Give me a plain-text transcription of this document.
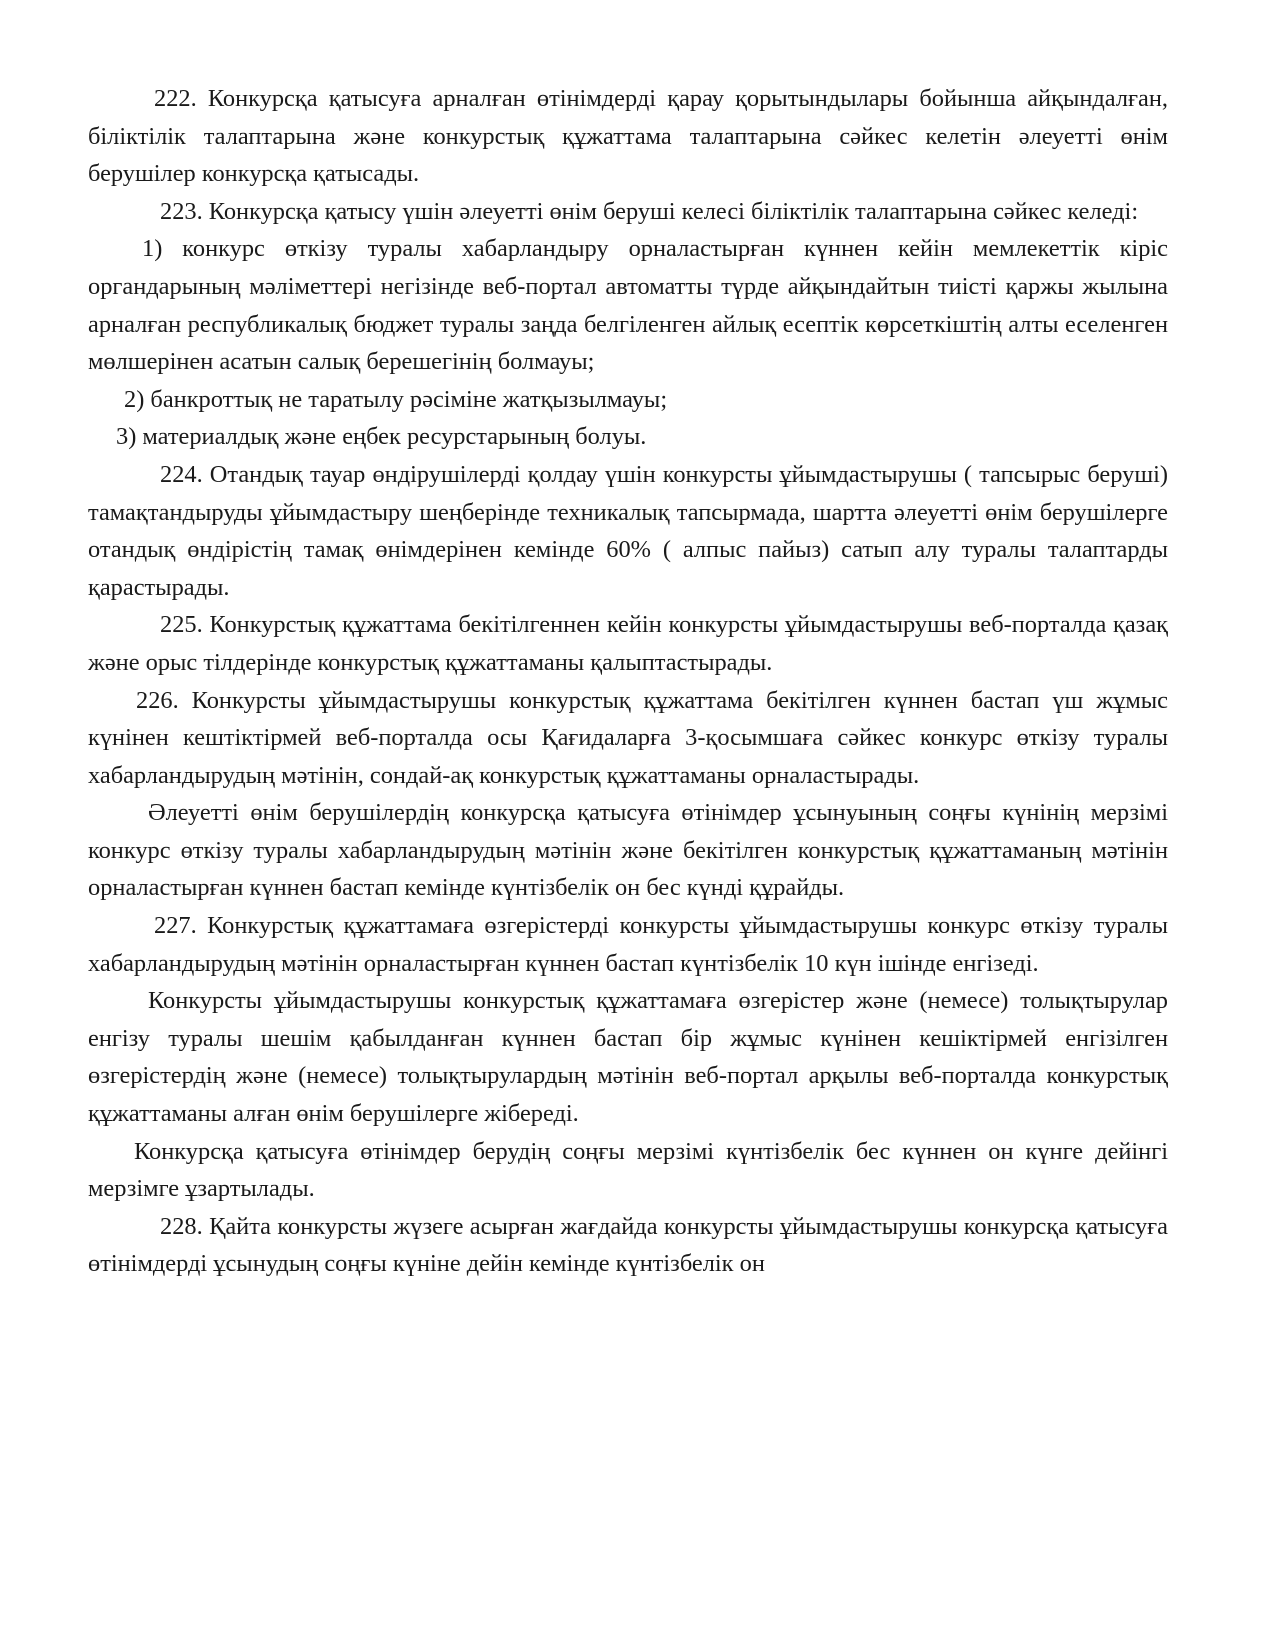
222. Конкурсқа қатысуға арналған өтінімдерді қарау қорытындылары бойынша айқындалған, біліктілік талаптарына және конкурстық құжаттама талаптарына сәйкес келетін әлеуетті өнім берушілер конкурсқа қатысады.

223. Конкурсқа қатысу үшін әлеуетті өнім беруші келесі біліктілік талаптарына сәйкес келеді:

1) конкурс өткізу туралы хабарландыру орналастырған күннен кейін мемлекеттік кіріс органдарының мәліметтері негізінде веб-портал автоматты түрде айқындайтын тиісті қаржы жылына арналған республикалық бюджет туралы заңда белгіленген айлық есептік көрсеткіштің алты еселенген мөлшерінен асатын салық берешегінің болмауы;

2) банкроттық не таратылу рәсіміне жатқызылмауы;

3) материалдық және еңбек ресурстарының болуы.

224. Отандық тауар өндірушілерді қолдау үшін конкурсты ұйымдастырушы ( тапсырыс беруші) тамақтандыруды ұйымдастыру шеңберінде техникалық тапсырмада, шартта әлеуетті өнім берушілерге отандық өндірістің тамақ өнімдерінен кемінде 60% ( алпыс пайыз) сатып алу туралы талаптарды қарастырады.

225. Конкурстық құжаттама бекітілгеннен кейін конкурсты ұйымдастырушы веб-порталда қазақ және орыс тілдерінде конкурстық құжаттаманы қалыптастырады.

226. Конкурсты ұйымдастырушы конкурстық құжаттама бекітілген күннен бастап үш жұмыс күнінен кештіктірмей веб-порталда осы Қағидаларға 3-қосымшаға сәйкес конкурс өткізу туралы хабарландырудың мәтінін, сондай-ақ конкурстық құжаттаманы орналастырады.

Әлеуетті өнім берушілердің конкурсқа қатысуға өтінімдер ұсынуының соңғы күнінің мерзімі конкурс өткізу туралы хабарландырудың мәтінін және бекітілген конкурстық құжаттаманың мәтінін орналастырған күннен бастап кемінде күнтізбелік он бес күнді құрайды.

227. Конкурстық құжаттамаға өзгерістерді конкурсты ұйымдастырушы конкурс өткізу туралы хабарландырудың мәтінін орналастырған күннен бастап күнтізбелік 10 күн ішінде енгізеді.

Конкурсты ұйымдастырушы конкурстық құжаттамаға өзгерістер және (немесе) толықтырулар енгізу туралы шешім қабылданған күннен бастап бір жұмыс күнінен кешіктірмей енгізілген өзгерістердің және (немесе) толықтырулардың мәтінін веб-портал арқылы веб-порталда конкурстық құжаттаманы алған өнім берушілерге жібереді.

Конкурсқа қатысуға өтінімдер берудің соңғы мерзімі күнтізбелік бес күннен он күнге дейінгі мерзімге ұзартылады.

228. Қайта конкурсты жүзеге асырған жағдайда конкурсты ұйымдастырушы конкурсқа қатысуға өтінімдерді ұсынудың соңғы күніне дейін кемінде күнтізбелік он
